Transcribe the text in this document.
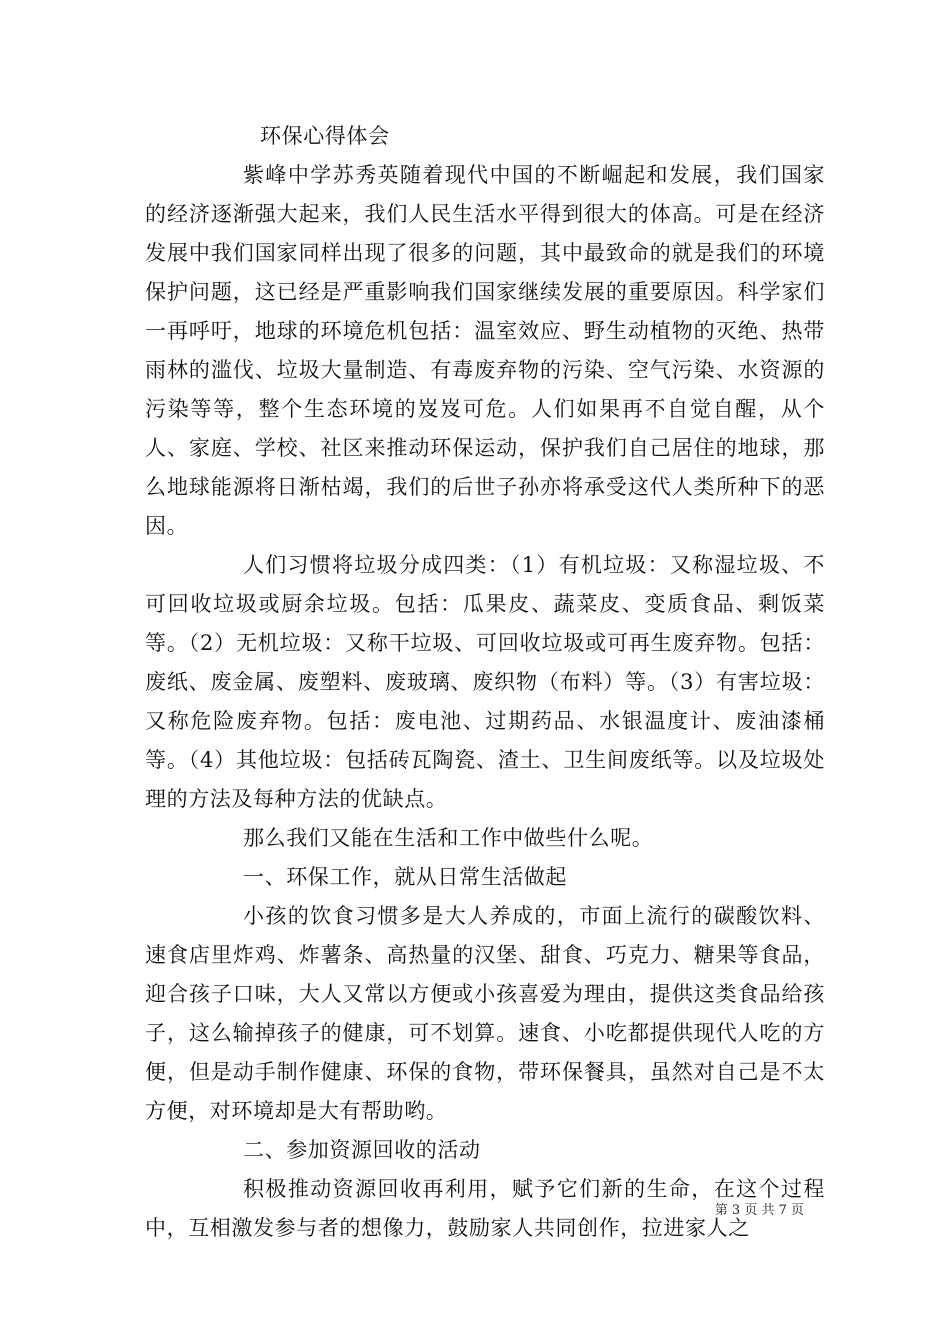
环保心得体会

紫峰中学苏秀英随着现代中国的不断崛起和发展，我们国家的经济逐渐强大起来，我们人民生活水平得到很大的体高。可是在经济发展中我们国家同样出现了很多的问题，其中最致命的就是我们的环境保护问题，这已经是严重影响我们国家继续发展的重要原因。科学家们一再呼吁，地球的环境危机包括：温室效应、野生动植物的灭绝、热带雨林的滥伐、垃圾大量制造、有毒废弃物的污染、空气污染、水资源的污染等等，整个生态环境的岌岌可危。人们如果再不自觉自醒，从个人、家庭、学校、社区来推动环保运动，保护我们自己居住的地球，那么地球能源将日渐枯竭，我们的后世子孙亦将承受这代人类所种下的恶因。

人们习惯将垃圾分成四类：（1）有机垃圾：又称湿垃圾、不可回收垃圾或厨余垃圾。包括：瓜果皮、蔬菜皮、变质食品、剩饭菜等。（2）无机垃圾：又称干垃圾、可回收垃圾或可再生废弃物。包括：废纸、废金属、废塑料、废玻璃、废织物（布料）等。（3）有害垃圾：又称危险废弃物。包括：废电池、过期药品、水银温度计、废油漆桶等。（4）其他垃圾：包括砖瓦陶瓷、渣土、卫生间废纸等。以及垃圾处理的方法及每种方法的优缺点。

那么我们又能在生活和工作中做些什么呢。

一、环保工作，就从日常生活做起

小孩的饮食习惯多是大人养成的，市面上流行的碳酸饮料、速食店里炸鸡、炸薯条、高热量的汉堡、甜食、巧克力、糖果等食品，迎合孩子口味，大人又常以方便或小孩喜爱为理由，提供这类食品给孩子，这么输掉孩子的健康，可不划算。速食、小吃都提供现代人吃的方便，但是动手制作健康、环保的食物，带环保餐具，虽然对自己是不太方便，对环境却是大有帮助哟。

二、参加资源回收的活动

积极推动资源回收再利用，赋予它们新的生命，在这个过程中，互相激发参与者的想像力，鼓励家人共同创作，拉进家人之

第 3 页 共 7 页
